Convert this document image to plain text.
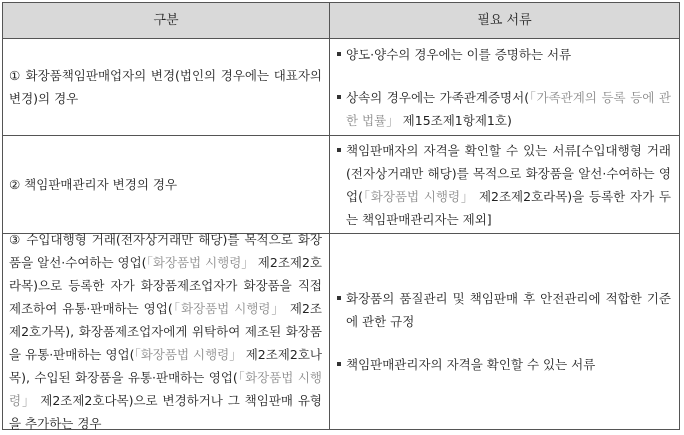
구분	필요 서류
① 화장품책임판매업자의 변경(법인의 경우에는 대표자의 변경)의 경우
양도·양수의 경우에는 이를 증명하는 서류
상속의 경우에는 가족관계증명서(「가족관계의 등록 등에 관한 법률」 제15조제1항제1호)
② 책임판매관리자 변경의 경우
책임판매자의 자격을 확인할 수 있는 서류[수입대행형 거래(전자상거래만 해당)를 목적으로 화장품을 알선·수여하는 영업(「화장품법 시행령」 제2조제2호라목)을 등록한 자가 두는 책임판매관리자는 제외]
③ 수입대행형 거래(전자상거래만 해당)를 목적으로 화장품을 알선·수여하는 영업(「화장품법 시행령」 제2조제2호라목)으로 등록한 자가 화장품제조업자가 화장품을 직접 제조하여 유통·판매하는 영업(「화장품법 시행령」 제2조제2호가목), 화장품제조업자에게 위탁하여 제조된 화장품을 유통·판매하는 영업(「화장품법 시행령」 제2조제2호나목), 수입된 화장품을 유통·판매하는 영업(「화장품법 시행령」 제2조제2호다목)으로 변경하거나 그 책임판매 유형을 추가하는 경우
화장품의 품질관리 및 책임판매 후 안전관리에 적합한 기준에 관한 규정
책임판매관리자의 자격을 확인할 수 있는 서류
